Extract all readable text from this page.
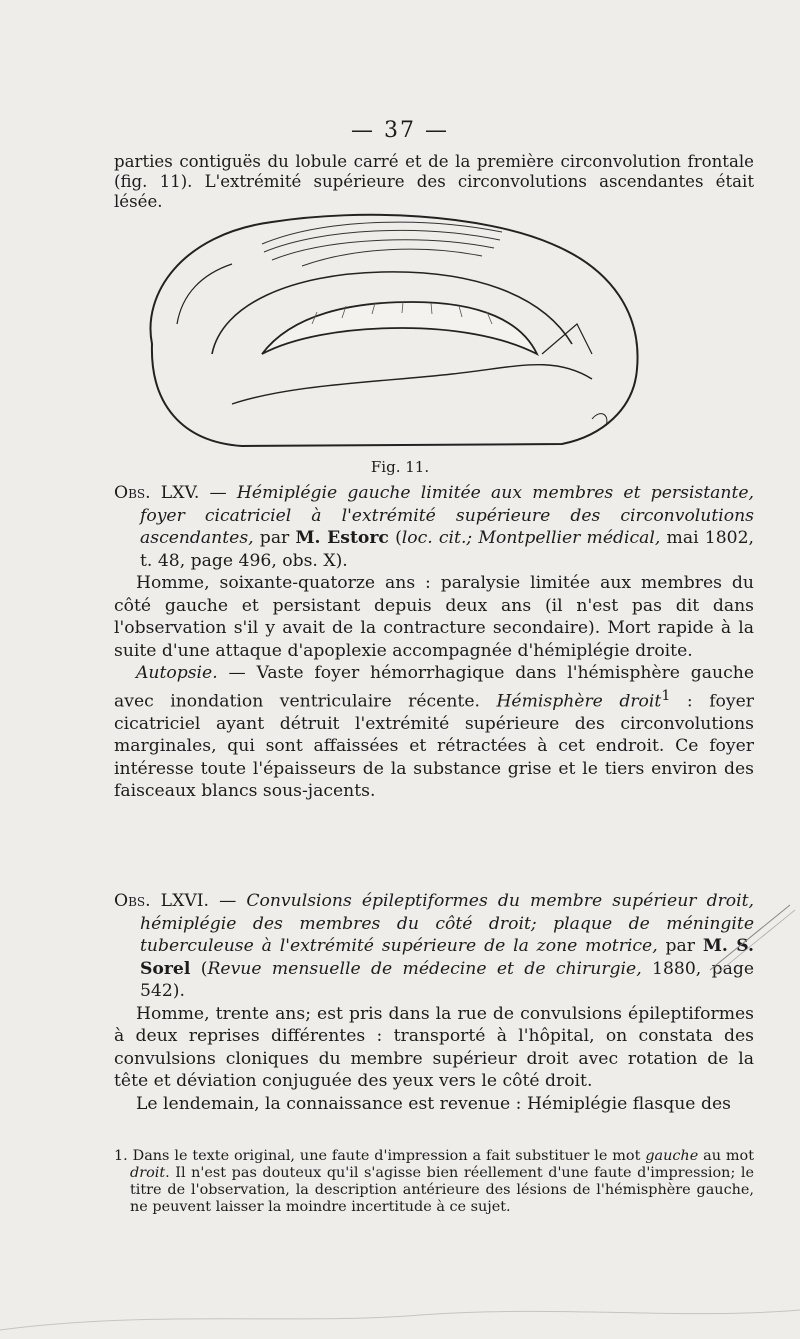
— 37 —

parties contiguës du lobule carré et de la première circonvolution frontale (fig. 11). L'extrémité supérieure des circonvolutions ascendantes était lésée.

Fig. 11.

Obs. LXV. — Hémiplégie gauche limitée aux membres et persistante, foyer cicatriciel à l'extrémité supérieure des circonvolutions ascendantes, par M. Estorc (loc. cit.; Montpellier médical, mai 1802, t. 48, page 496, obs. X).

Homme, soixante-quatorze ans : paralysie limitée aux membres du côté gauche et persistant depuis deux ans (il n'est pas dit dans l'observation s'il y avait de la contracture secondaire). Mort rapide à la suite d'une attaque d'apoplexie accompagnée d'hémiplégie droite.

Autopsie. — Vaste foyer hémorrhagique dans l'hémisphère gauche avec inondation ventriculaire récente. Hémisphère droit$^1$ : foyer cicatriciel ayant détruit l'extrémité supérieure des circonvolutions marginales, qui sont affaissées et rétractées à cet endroit. Ce foyer intéresse toute l'épaisseurs de la substance grise et le tiers environ des faisceaux blancs sous-jacents.

Obs. LXVI. — Convulsions épileptiformes du membre supérieur droit, hémiplégie des membres du côté droit; plaque de méningite tuberculeuse à l'extrémité supérieure de la zone motrice, par M. S. Sorel (Revue mensuelle de médecine et de chirurgie, 1880, page 542).

Homme, trente ans; est pris dans la rue de convulsions épileptiformes à deux reprises différentes : transporté à l'hôpital, on constata des convulsions cloniques du membre supérieur droit avec rotation de la tête et déviation conjuguée des yeux vers le côté droit.

Le lendemain, la connaissance est revenue : Hémiplégie flasque des

1. Dans le texte original, une faute d'impression a fait substituer le mot gauche au mot droit. Il n'est pas douteux qu'il s'agisse bien réellement d'une faute d'impression; le titre de l'observation, la description antérieure des lésions de l'hémisphère gauche, ne peuvent laisser la moindre incertitude à ce sujet.
